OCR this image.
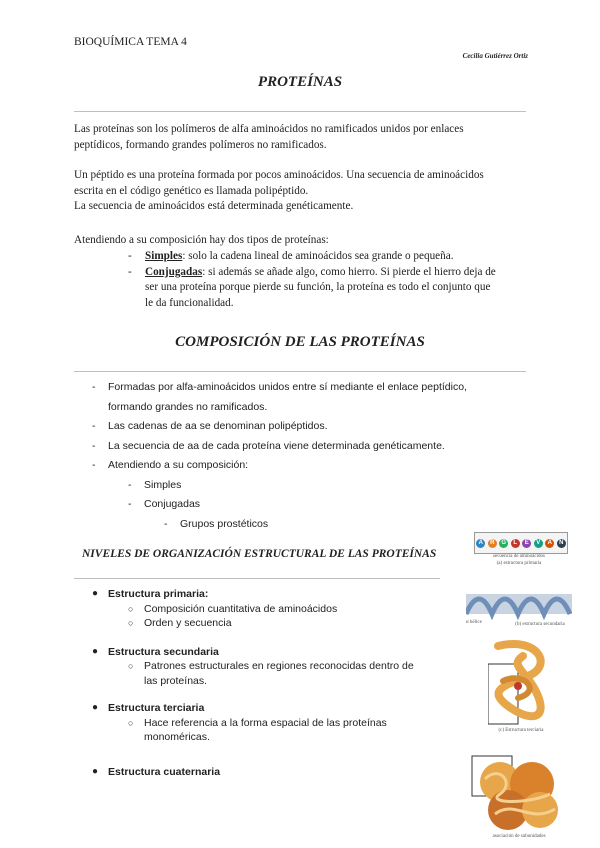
BIOQUÍMICA TEMA 4
Cecilia Gutiérrez Ortiz
PROTEÍNAS
Las proteínas son los polímeros de alfa aminoácidos no ramificados unidos por enlaces
peptídicos, formando grandes polímeros no ramificados.
Un péptido es una proteína formada por pocos aminoácidos. Una secuencia de aminoácidos
escrita en el código genético es llamada polipéptido.
La secuencia de aminoácidos está determinada genéticamente.
Atendiendo a su composición hay dos tipos de proteínas:
- Simples: solo la cadena lineal de aminoácidos sea grande o pequeña.
- Conjugadas: si además se añade algo, como hierro. Si pierde el hierro deja de
ser una proteína porque pierde su función, la proteína es todo el conjunto que
le da funcionalidad.
COMPOSICIÓN DE LAS PROTEÍNAS
- Formadas por alfa-aminoácidos unidos entre sí mediante el enlace peptídico,
formando grandes no ramificados.
- Las cadenas de aa se denominan polipéptidos.
- La secuencia de aa de cada proteína viene determinada genéticamente.
- Atendiendo a su composición:
- Simples
- Conjugadas
- Grupos prostéticos
NIVELES DE ORGANIZACIÓN ESTRUCTURAL DE LAS PROTEÍNAS
● Estructura primaria:
○ Composición cuantitativa de aminoácidos
○ Orden y secuencia
● Estructura secundaria
○ Patrones estructurales en regiones reconocidas dentro de
las proteínas.
● Estructura terciaria
○ Hace referencia a la forma espacial de las proteínas
monoméricas.
● Estructura cuaternaria
A	R	G	L	E	V	A	N
secuencia de aminoácidos
(a) estructura primaria
α hélice	(b) estructura secundaria
(c) Estructura terciaria
asociación de subunidades
